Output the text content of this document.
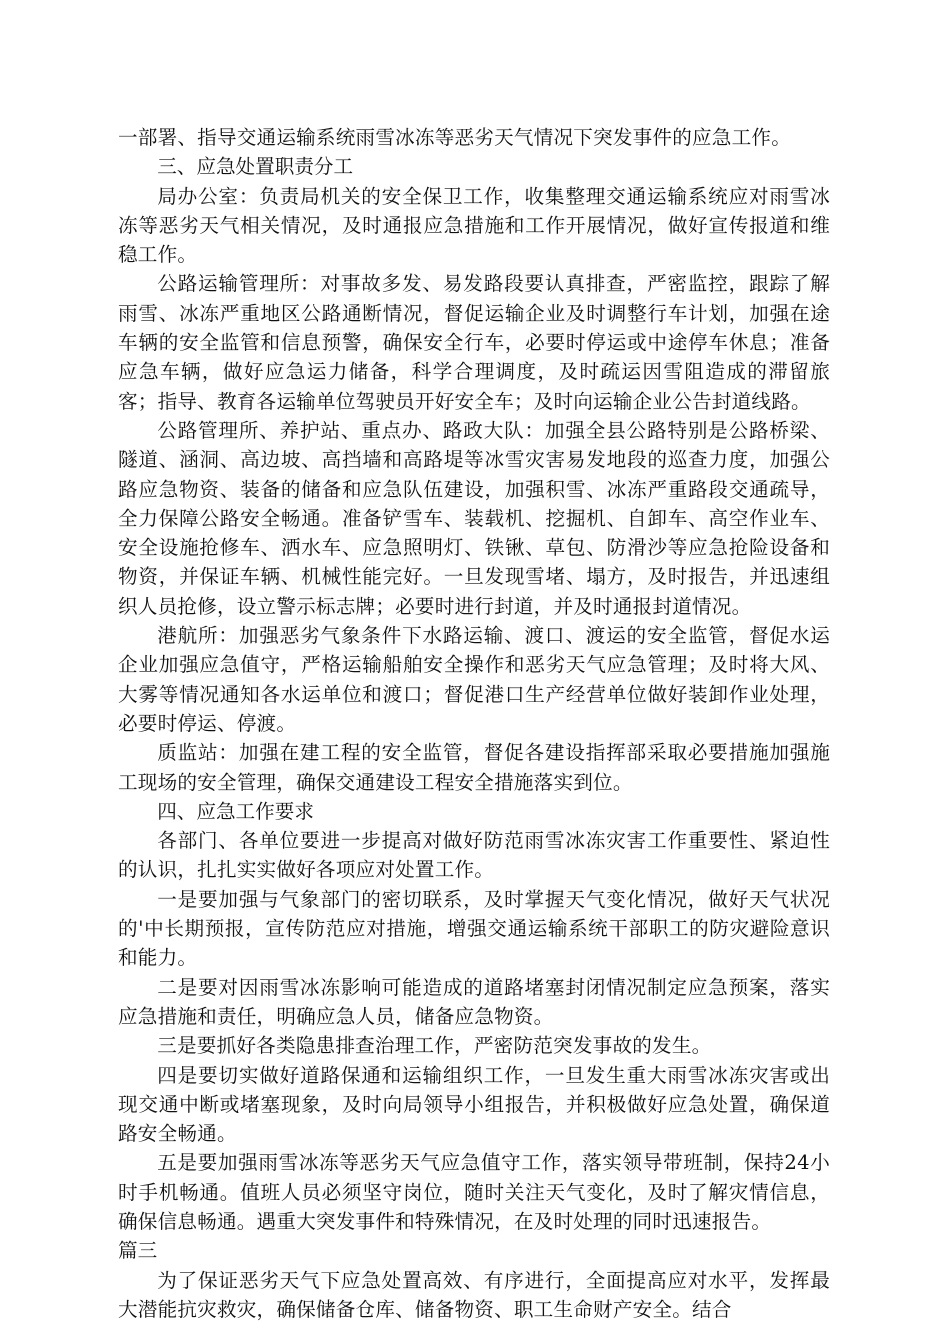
一部署、指导交通运输系统雨雪冰冻等恶劣天气情况下突发事件的应急工作。

三、应急处置职责分工

局办公室：负责局机关的安全保卫工作，收集整理交通运输系统应对雨雪冰冻等恶劣天气相关情况，及时通报应急措施和工作开展情况，做好宣传报道和维稳工作。

公路运输管理所：对事故多发、易发路段要认真排查，严密监控，跟踪了解雨雪、冰冻严重地区公路通断情况，督促运输企业及时调整行车计划，加强在途车辆的安全监管和信息预警，确保安全行车，必要时停运或中途停车休息；准备应急车辆，做好应急运力储备，科学合理调度，及时疏运因雪阻造成的滞留旅客；指导、教育各运输单位驾驶员开好安全车；及时向运输企业公告封道线路。

公路管理所、养护站、重点办、路政大队：加强全县公路特别是公路桥梁、隧道、涵洞、高边坡、高挡墙和高路堤等冰雪灾害易发地段的巡查力度，加强公路应急物资、装备的储备和应急队伍建设，加强积雪、冰冻严重路段交通疏导，全力保障公路安全畅通。准备铲雪车、装载机、挖掘机、自卸车、高空作业车、安全设施抢修车、洒水车、应急照明灯、铁锹、草包、防滑沙等应急抢险设备和物资，并保证车辆、机械性能完好。一旦发现雪堵、塌方，及时报告，并迅速组织人员抢修，设立警示标志牌；必要时进行封道，并及时通报封道情况。

港航所：加强恶劣气象条件下水路运输、渡口、渡运的安全监管，督促水运企业加强应急值守，严格运输船舶安全操作和恶劣天气应急管理；及时将大风、大雾等情况通知各水运单位和渡口；督促港口生产经营单位做好装卸作业处理，必要时停运、停渡。

质监站：加强在建工程的安全监管，督促各建设指挥部采取必要措施加强施工现场的安全管理，确保交通建设工程安全措施落实到位。

四、应急工作要求

各部门、各单位要进一步提高对做好防范雨雪冰冻灾害工作重要性、紧迫性的认识，扎扎实实做好各项应对处置工作。

一是要加强与气象部门的密切联系，及时掌握天气变化情况，做好天气状况的'中长期预报，宣传防范应对措施，增强交通运输系统干部职工的防灾避险意识和能力。

二是要对因雨雪冰冻影响可能造成的道路堵塞封闭情况制定应急预案，落实应急措施和责任，明确应急人员，储备应急物资。

三是要抓好各类隐患排查治理工作，严密防范突发事故的发生。

四是要切实做好道路保通和运输组织工作，一旦发生重大雨雪冰冻灾害或出现交通中断或堵塞现象，及时向局领导小组报告，并积极做好应急处置，确保道路安全畅通。

五是要加强雨雪冰冻等恶劣天气应急值守工作，落实领导带班制，保持24小时手机畅通。值班人员必须坚守岗位，随时关注天气变化，及时了解灾情信息，确保信息畅通。遇重大突发事件和特殊情况，在及时处理的同时迅速报告。

篇三

为了保证恶劣天气下应急处置高效、有序进行，全面提高应对水平，发挥最大潜能抗灾救灾，确保储备仓库、储备物资、职工生命财产安全。结合
